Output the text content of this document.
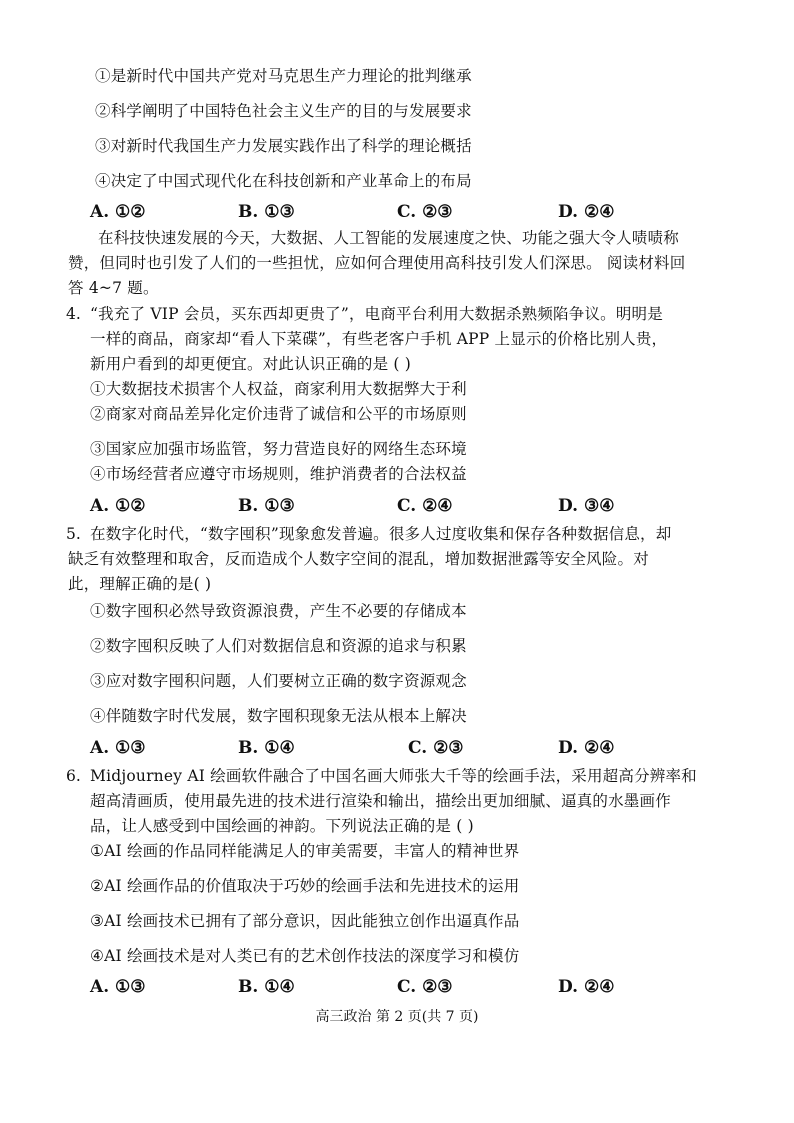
①是新时代中国共产党对马克思生产力理论的批判继承
②科学阐明了中国特色社会主义生产的目的与发展要求
③对新时代我国生产力发展实践作出了科学的理论概括
④决定了中国式现代化在科技创新和产业革命上的布局
A. ①②	B. ①③	C. ②③	D. ②④
在科技快速发展的今天，大数据、人工智能的发展速度之快、功能之强大令人啧啧称
赞，但同时也引发了人们的一些担忧，应如何合理使用高科技引发人们深思。 阅读材料回
答 4~7 题。
4. “我充了 VIP 会员，买东西却更贵了”，电商平台利用大数据杀熟频陷争议。明明是
一样的商品，商家却“看人下菜碟”，有些老客户手机 APP 上显示的价格比别人贵，
新用户看到的却更便宜。对此认识正确的是 ( )
①大数据技术损害个人权益，商家利用大数据弊大于利
②商家对商品差异化定价违背了诚信和公平的市场原则
③国家应加强市场监管，努力营造良好的网络生态环境
④市场经营者应遵守市场规则，维护消费者的合法权益
A. ①②	B. ①③	C. ②④	D. ③④
5. 在数字化时代，“数字囤积”现象愈发普遍。很多人过度收集和保存各种数据信息，却
缺乏有效整理和取舍，反而造成个人数字空间的混乱，增加数据泄露等安全风险。对
此，理解正确的是( )
①数字囤积必然导致资源浪费，产生不必要的存储成本
②数字囤积反映了人们对数据信息和资源的追求与积累
③应对数字囤积问题，人们要树立正确的数字资源观念
④伴随数字时代发展，数字囤积现象无法从根本上解决
A. ①③	B. ①④	C. ②③	D. ②④
6. Midjourney AI 绘画软件融合了中国名画大师张大千等的绘画手法，采用超高分辨率和
超高清画质，使用最先进的技术进行渲染和输出，描绘出更加细腻、逼真的水墨画作
品，让人感受到中国绘画的神韵。下列说法正确的是 ( )
①AI 绘画的作品同样能满足人的审美需要，丰富人的精神世界
②AI 绘画作品的价值取决于巧妙的绘画手法和先进技术的运用
③AI 绘画技术已拥有了部分意识，因此能独立创作出逼真作品
④AI 绘画技术是对人类已有的艺术创作技法的深度学习和模仿
A. ①③	B. ①④	C. ②③	D. ②④
高三政治 第 2 页(共 7 页)
